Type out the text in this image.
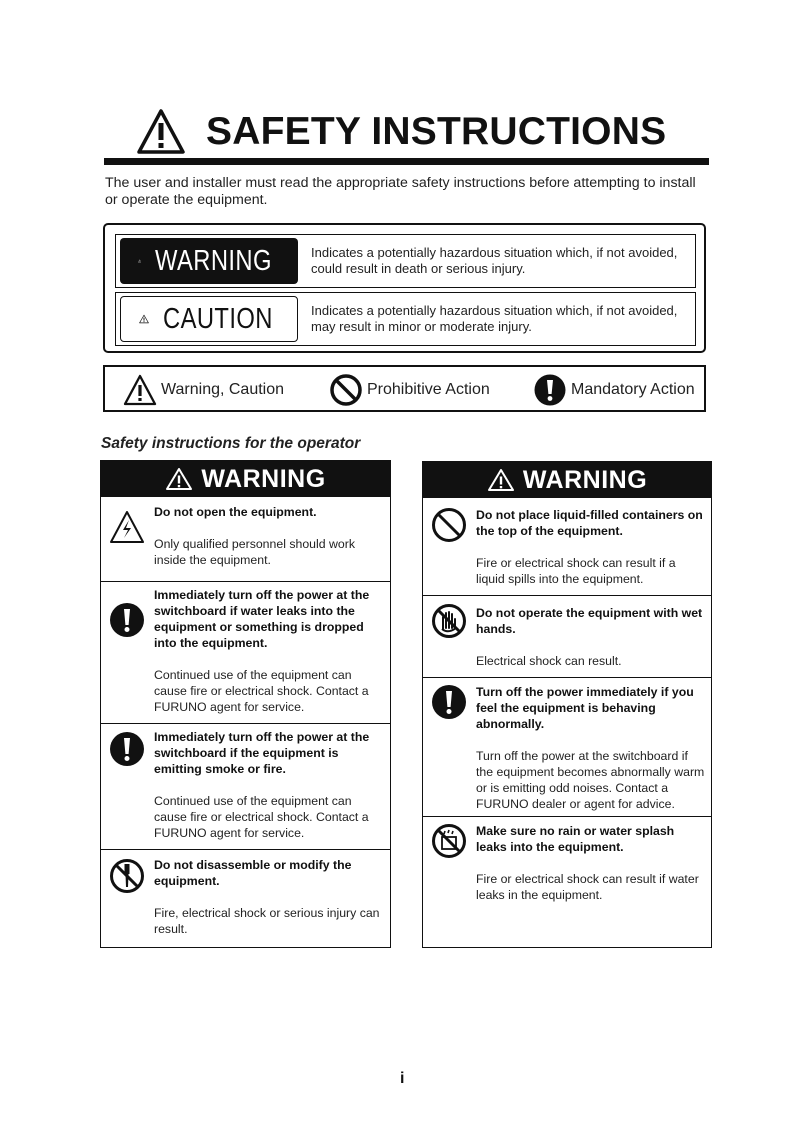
SAFETY INSTRUCTIONS
The user and installer must read the appropriate safety instructions before attempting to install or operate the equipment.
WARNING	Indicates a potentially hazardous situation which, if not avoided, could result in death or serious injury.
CAUTION	Indicates a potentially hazardous situation which, if not avoided, may result in minor or moderate injury.
Warning, Caution	Prohibitive Action	Mandatory Action
Safety instructions for the operator
WARNING
Do not open the equipment.
Only qualified personnel should work inside the equipment.
Immediately turn off the power at the switchboard if water leaks into the equipment or something is dropped into the equipment.
Continued use of the equipment can cause fire or electrical shock. Contact a FURUNO agent for service.
Immediately turn off the power at the switchboard if the equipment is emitting smoke or fire.
Continued use of the equipment can cause fire or electrical shock. Contact a FURUNO agent for service.
Do not disassemble or modify the equipment.
Fire, electrical shock or serious injury can result.
WARNING
Do not place liquid-filled containers on the top of the equipment.
Fire or electrical shock can result if a liquid spills into the equipment.
Do not operate the equipment with wet hands.
Electrical shock can result.
Turn off the power immediately if you feel the equipment is behaving abnormally.
Turn off the power at the switchboard if the equipment becomes abnormally warm or is emitting odd noises. Contact a FURUNO dealer or agent for advice.
Make sure no rain or water splash leaks into the equipment.
Fire or electrical shock can result if water leaks in the equipment.
i
